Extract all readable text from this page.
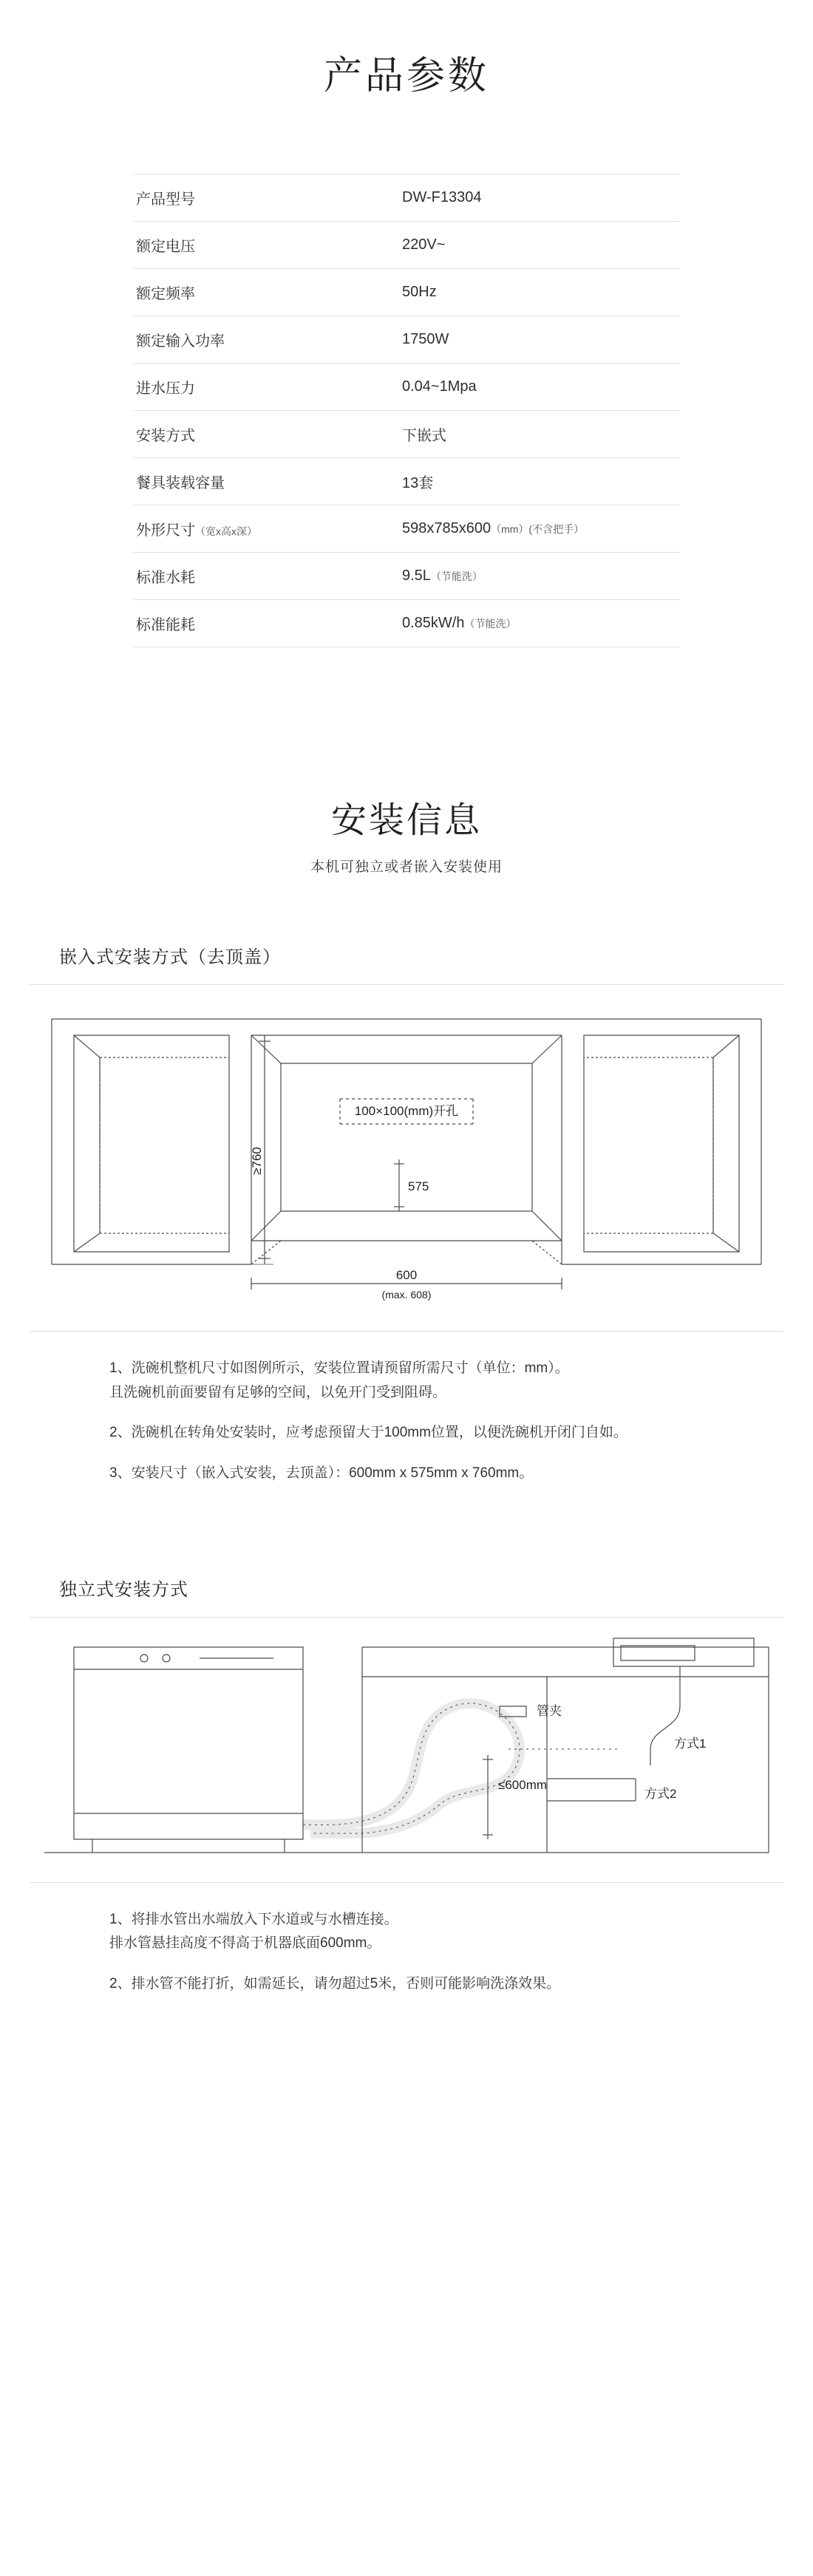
产品参数
产品型号	DW-F13304
额定电压	220V~
额定频率	50Hz
额定输入功率	1750W
进水压力	0.04~1Mpa
安装方式	下嵌式
餐具装载容量	13套
外形尺寸（宽x高x深）	598x785x600（mm）(不含把手）
标准水耗	9.5L（节能洗）
标准能耗	0.85kW/h（节能洗）
安装信息
本机可独立或者嵌入安装使用
嵌入式安装方式（去顶盖）
≥760
100×100(mm)开孔
575
600
(max. 608)
1、洗碗机整机尺寸如图例所示，安装位置请预留所需尺寸（单位：mm）。
且洗碗机前面要留有足够的空间，以免开门受到阻碍。
2、洗碗机在转角处安装时，应考虑预留大于100mm位置，以便洗碗机开闭门自如。
3、安装尺寸（嵌入式安装，去顶盖）：600mm x 575mm x 760mm。
独立式安装方式
管夹
≤600mm
方式1
方式2
1、将排水管出水端放入下水道或与水槽连接。
排水管悬挂高度不得高于机器底面600mm。
2、排水管不能打折，如需延长，请勿超过5米，否则可能影响洗涤效果。
